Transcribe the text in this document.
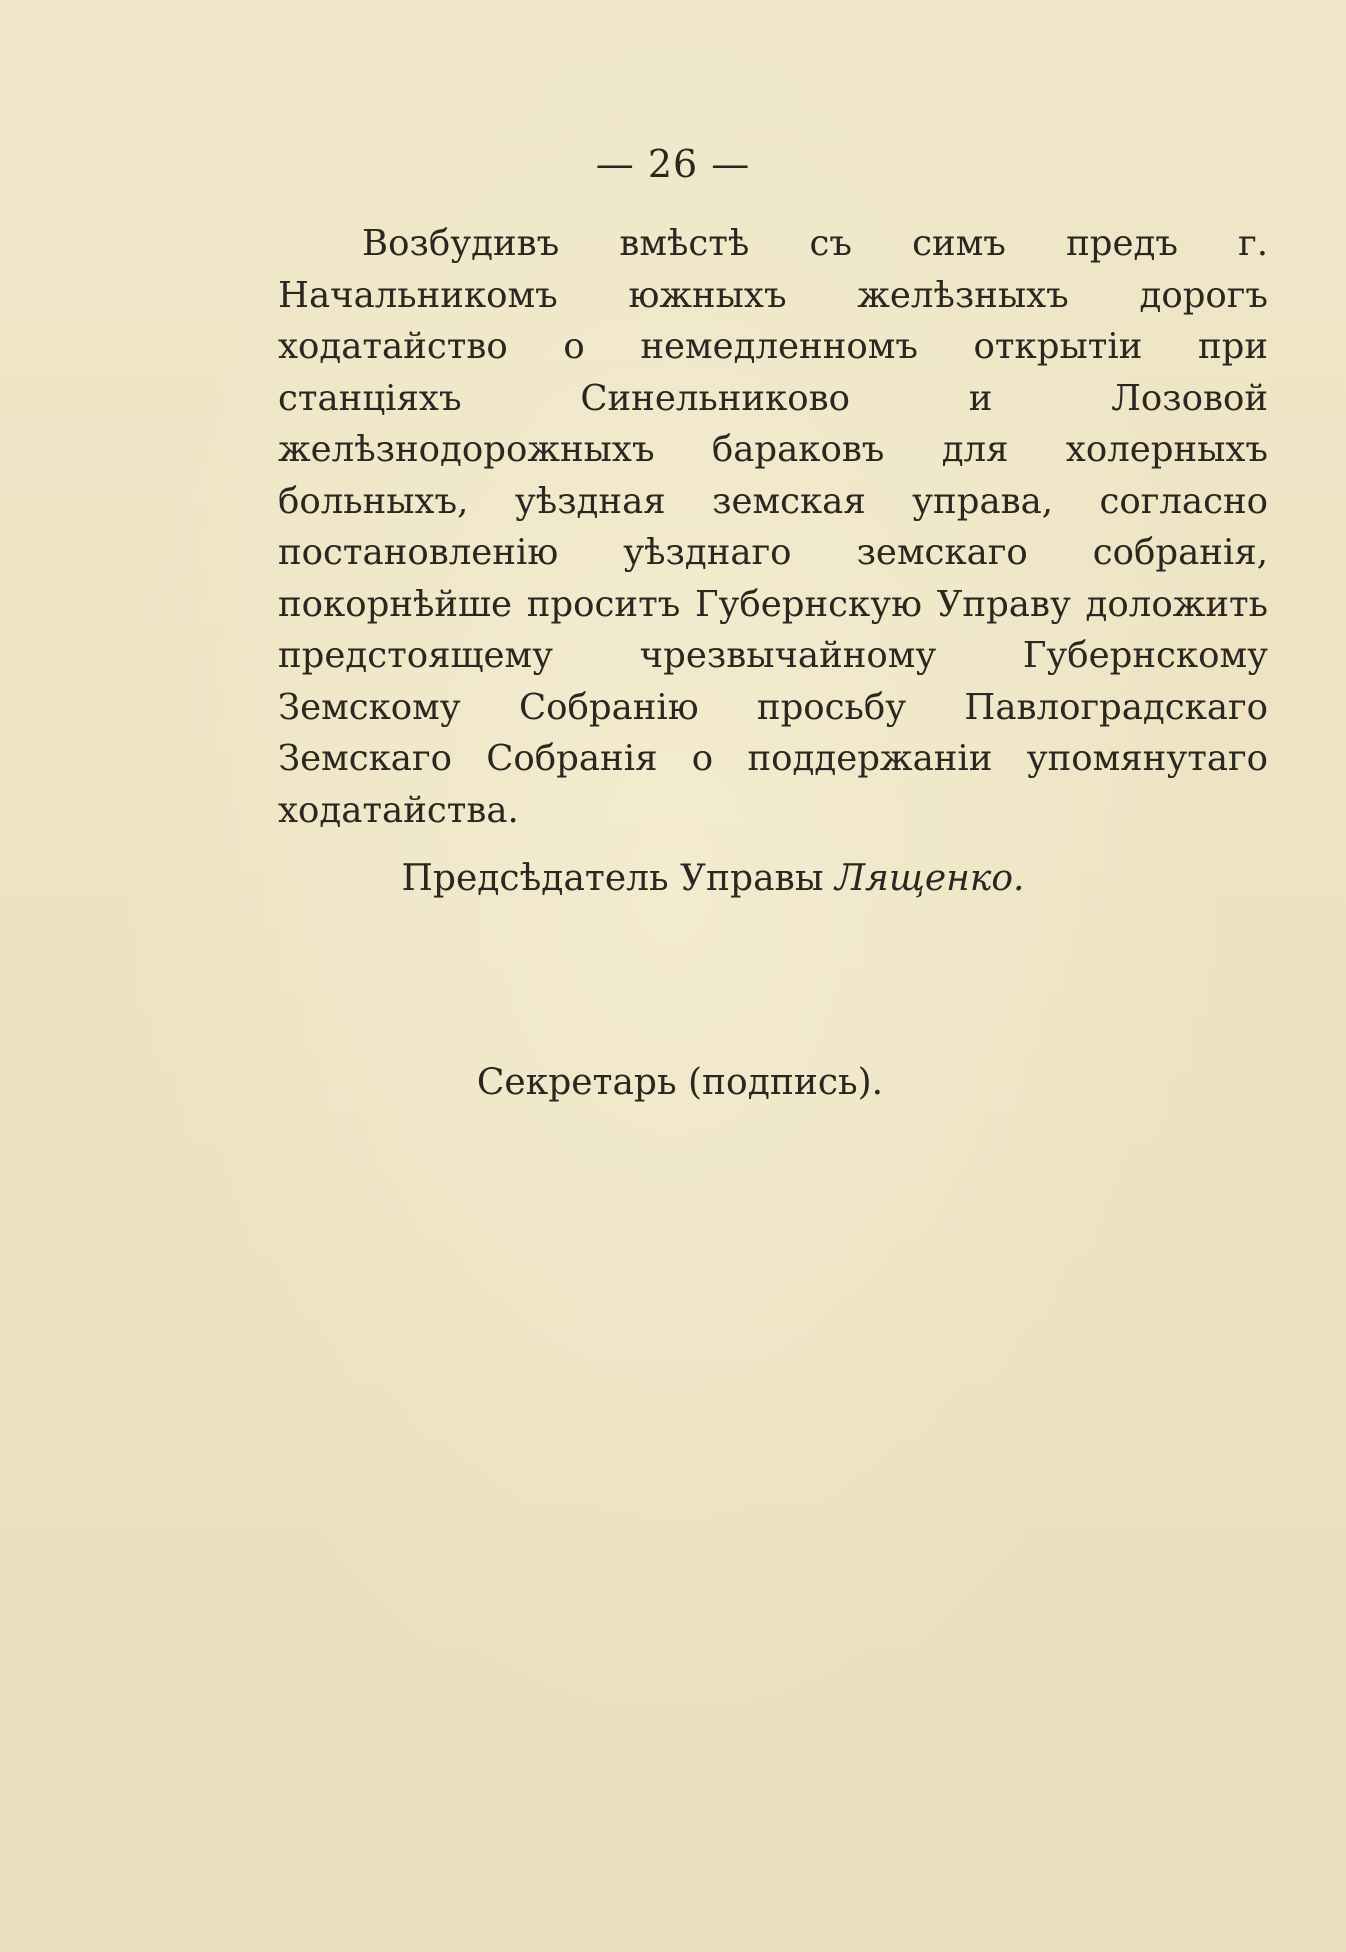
— 26 —
Возбудивъ вмѣстѣ съ симъ предъ г. Начальникомъ южныхъ желѣзныхъ дорогъ ходатайство о немедленномъ открытiи при станцiяхъ Синельниково и Лозовой желѣзнодорожныхъ бараковъ для холерныхъ больныхъ, уѣздная земская управа, согласно постановленiю уѣзднаго земскаго собранiя, покорнѣйше проситъ Губернскую Управу доложить предстоящему чрезвычайному Губернскому Земскому Собранiю просьбу Павлоградскаго Земскаго Собранiя о поддержанiи упомянутаго ходатайства.
Предсѣдатель Управы Лященко.
Секретарь (подпись).
